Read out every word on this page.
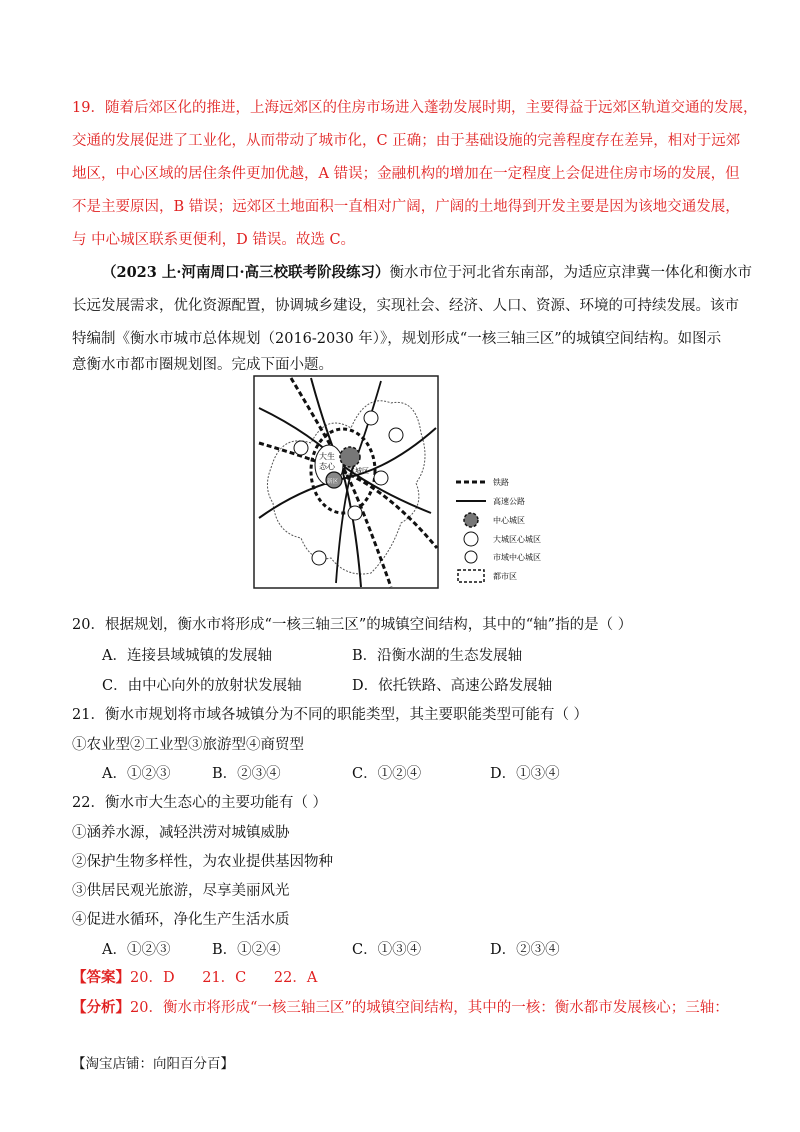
19．随着后郊区化的推进，上海远郊区的住房市场进入蓬勃发展时期，主要得益于远郊区轨道交通的发展，
交通的发展促进了工业化，从而带动了城市化，C 正确；由于基础设施的完善程度存在差异，相对于远郊
地区，中心区域的居住条件更加优越，A 错误；金融机构的增加在一定程度上会促进住房市场的发展，但
不是主要原因，B 错误；远郊区土地面积一直相对广阔，广阔的土地得到开发主要是因为该地交通发展，
与 中心城区联系更便利，D 错误。故选 C。
（2023 上·河南周口·高三校联考阶段练习）衡水市位于河北省东南部，为适应京津冀一体化和衡水市
长远发展需求，优化资源配置，协调城乡建设，实现社会、经济、人口、资源、环境的可持续发展。该市
特编制《衡水市城市总体规划（2016-2030 年）》，规划形成“一核三轴三区”的城镇空间结构。如图示
意衡水市都市圈规划图。完成下面小题。
大生
态心
新区
主城区
铁路
高速公路
中心城区
大城区心城区
市域中心城区
都市区
20．根据规划，衡水市将形成“一核三轴三区”的城镇空间结构，其中的“轴”指的是（ ）
A．连接县域城镇的发展轴	B．沿衡水湖的生态发展轴
C．由中心向外的放射状发展轴	D．依托铁路、高速公路发展轴
21．衡水市规划将市域各城镇分为不同的职能类型，其主要职能类型可能有（ ）
①农业型②工业型③旅游型④商贸型
A．①②③	B．②③④	C．①②④	D．①③④
22．衡水市大生态心的主要功能有（ ）
①涵养水源，减轻洪涝对城镇威胁
②保护生物多样性，为农业提供基因物种
③供居民观光旅游，尽享美丽风光
④促进水循环，净化生产生活水质
A．①②③	B．①②④	C．①③④	D．②③④
【答案】20．D      21．C      22．A
【分析】20．衡水市将形成“一核三轴三区”的城镇空间结构，其中的一核：衡水都市发展核心；三轴：
【淘宝店铺：向阳百分百】
